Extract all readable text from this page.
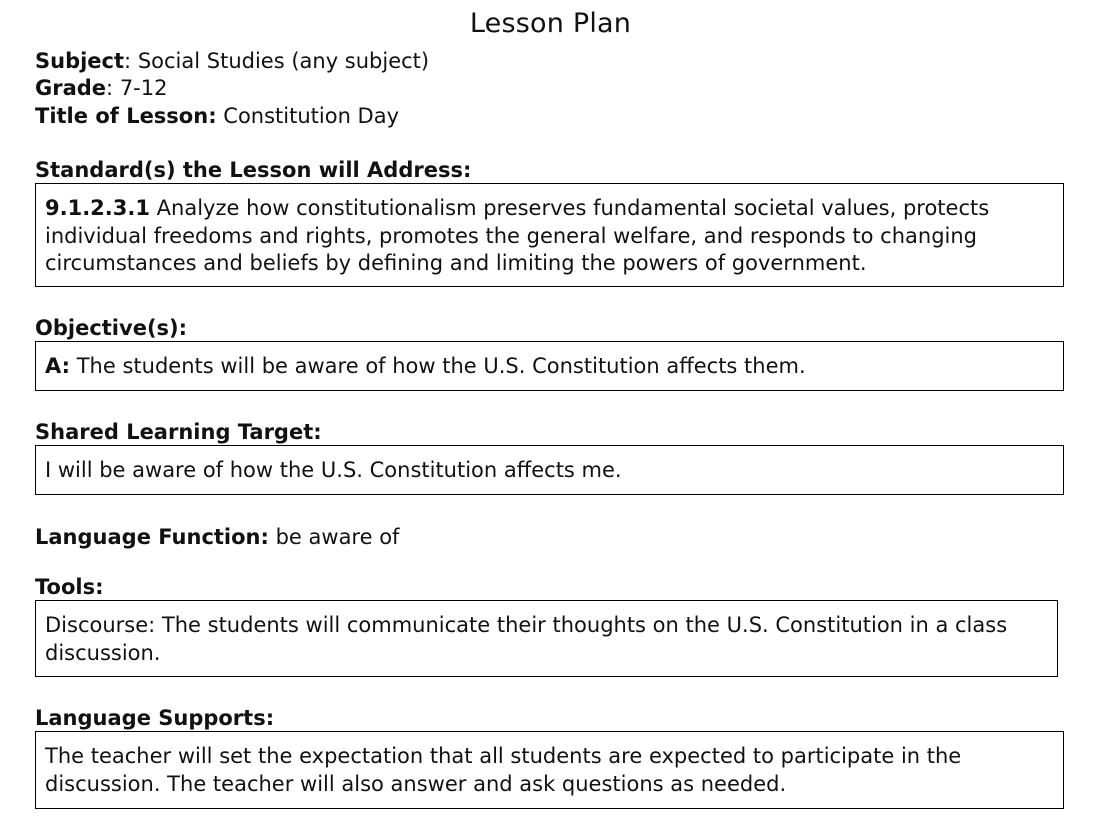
Lesson Plan
Subject: Social Studies (any subject)
Grade: 7-12
Title of Lesson: Constitution Day
Standard(s) the Lesson will Address:
9.1.2.3.1 Analyze how constitutionalism preserves fundamental societal values, protects individual freedoms and rights, promotes the general welfare, and responds to changing circumstances and beliefs by defining and limiting the powers of government.
Objective(s):
A: The students will be aware of how the U.S. Constitution affects them.
Shared Learning Target:
I will be aware of how the U.S. Constitution affects me.
Language Function: be aware of
Tools:
Discourse: The students will communicate their thoughts on the U.S. Constitution in a class discussion.
Language Supports:
The teacher will set the expectation that all students are expected to participate in the discussion. The teacher will also answer and ask questions as needed.
